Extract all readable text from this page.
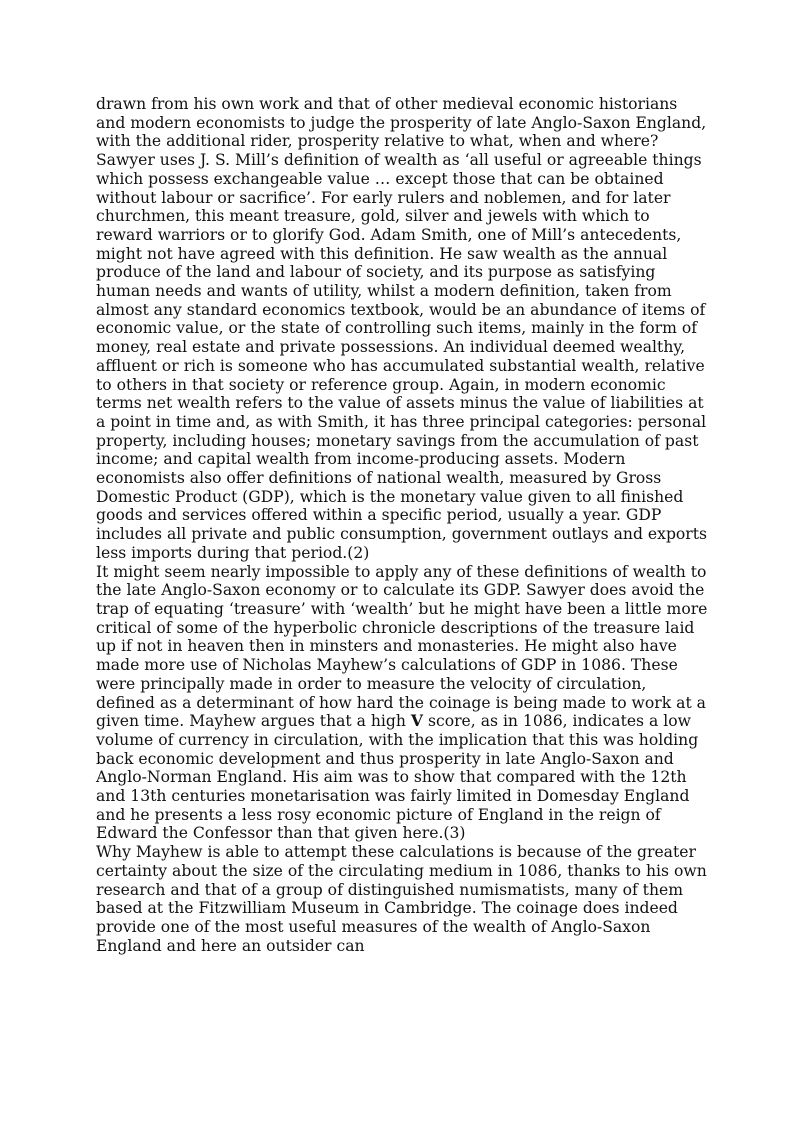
drawn from his own work and that of other medieval economic historians and modern economists to judge the prosperity of late Anglo-Saxon England, with the additional rider, prosperity relative to what, when and where?

Sawyer uses J. S. Mill’s definition of wealth as ‘all useful or agreeable things which possess exchangeable value … except those that can be obtained without labour or sacrifice’. For early rulers and noblemen, and for later churchmen, this meant treasure, gold, silver and jewels with which to reward warriors or to glorify God. Adam Smith, one of Mill’s antecedents, might not have agreed with this definition. He saw wealth as the annual produce of the land and labour of society, and its purpose as satisfying human needs and wants of utility, whilst a modern definition, taken from almost any standard economics textbook, would be an abundance of items of economic value, or the state of controlling such items, mainly in the form of money, real estate and private possessions. An individual deemed wealthy, affluent or rich is someone who has accumulated substantial wealth, relative to others in that society or reference group. Again, in modern economic terms net wealth refers to the value of assets minus the value of liabilities at a point in time and, as with Smith, it has three principal categories: personal property, including houses; monetary savings from the accumulation of past income; and capital wealth from income-producing assets. Modern economists also offer definitions of national wealth, measured by Gross Domestic Product (GDP), which is the monetary value given to all finished goods and services offered within a specific period, usually a year. GDP includes all private and public consumption, government outlays and exports less imports during that period.(2)

It might seem nearly impossible to apply any of these definitions of wealth to the late Anglo-Saxon economy or to calculate its GDP. Sawyer does avoid the trap of equating ‘treasure’ with ‘wealth’ but he might have been a little more critical of some of the hyperbolic chronicle descriptions of the treasure laid up if not in heaven then in minsters and monasteries. He might also have made more use of Nicholas Mayhew’s calculations of GDP in 1086. These were principally made in order to measure the velocity of circulation, defined as a determinant of how hard the coinage is being made to work at a given time. Mayhew argues that a high V score, as in 1086, indicates a low volume of currency in circulation, with the implication that this was holding back economic development and thus prosperity in late Anglo-Saxon and Anglo-Norman England. His aim was to show that compared with the 12th and 13th centuries monetarisation was fairly limited in Domesday England and he presents a less rosy economic picture of England in the reign of Edward the Confessor than that given here.(3)

Why Mayhew is able to attempt these calculations is because of the greater certainty about the size of the circulating medium in 1086, thanks to his own research and that of a group of distinguished numismatists, many of them based at the Fitzwilliam Museum in Cambridge. The coinage does indeed provide one of the most useful measures of the wealth of Anglo-Saxon England and here an outsider can
